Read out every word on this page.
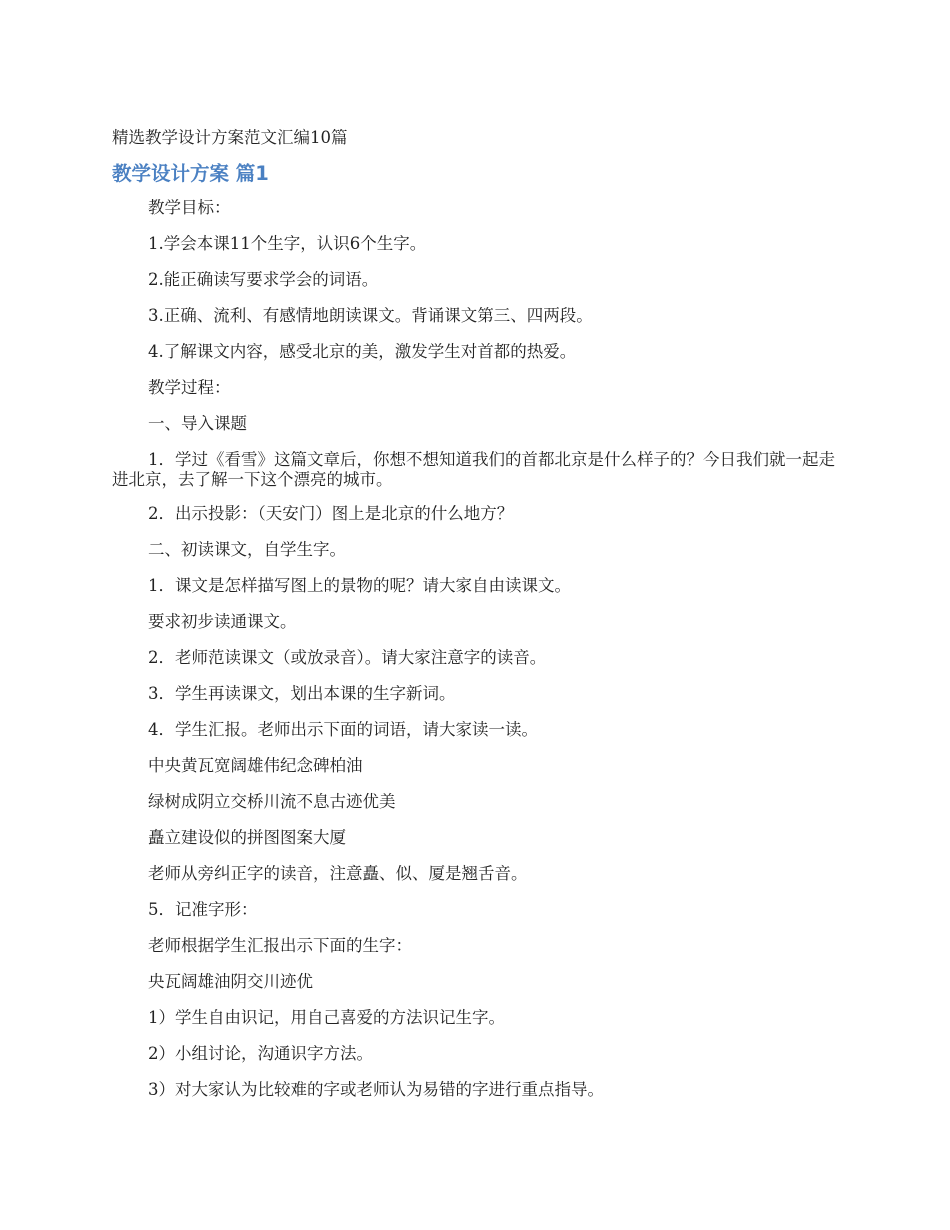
精选教学设计方案范文汇编10篇
教学设计方案 篇1

教学目标：

1.学会本课11个生字，认识6个生字。

2.能正确读写要求学会的词语。

3.正确、流利、有感情地朗读课文。背诵课文第三、四两段。

4.了解课文内容，感受北京的美，激发学生对首都的热爱。

教学过程：

一、导入课题

1．学过《看雪》这篇文章后，你想不想知道我们的首都北京是什么样子的？今日我们就一起走进北京，去了解一下这个漂亮的城市。

2．出示投影：（天安门）图上是北京的什么地方？

二、初读课文，自学生字。

1．课文是怎样描写图上的景物的呢？请大家自由读课文。

要求初步读通课文。

2．老师范读课文（或放录音）。请大家注意字的读音。

3．学生再读课文，划出本课的生字新词。

4．学生汇报。老师出示下面的词语，请大家读一读。

中央黄瓦宽阔雄伟纪念碑柏油

绿树成阴立交桥川流不息古迹优美

矗立建设似的拼图图案大厦

老师从旁纠正字的读音，注意矗、似、厦是翘舌音。

5．记准字形：

老师根据学生汇报出示下面的生字：

央瓦阔雄油阴交川迹优

1）学生自由识记，用自己喜爱的方法识记生字。

2）小组讨论，沟通识字方法。

3）对大家认为比较难的字或老师认为易错的字进行重点指导。
